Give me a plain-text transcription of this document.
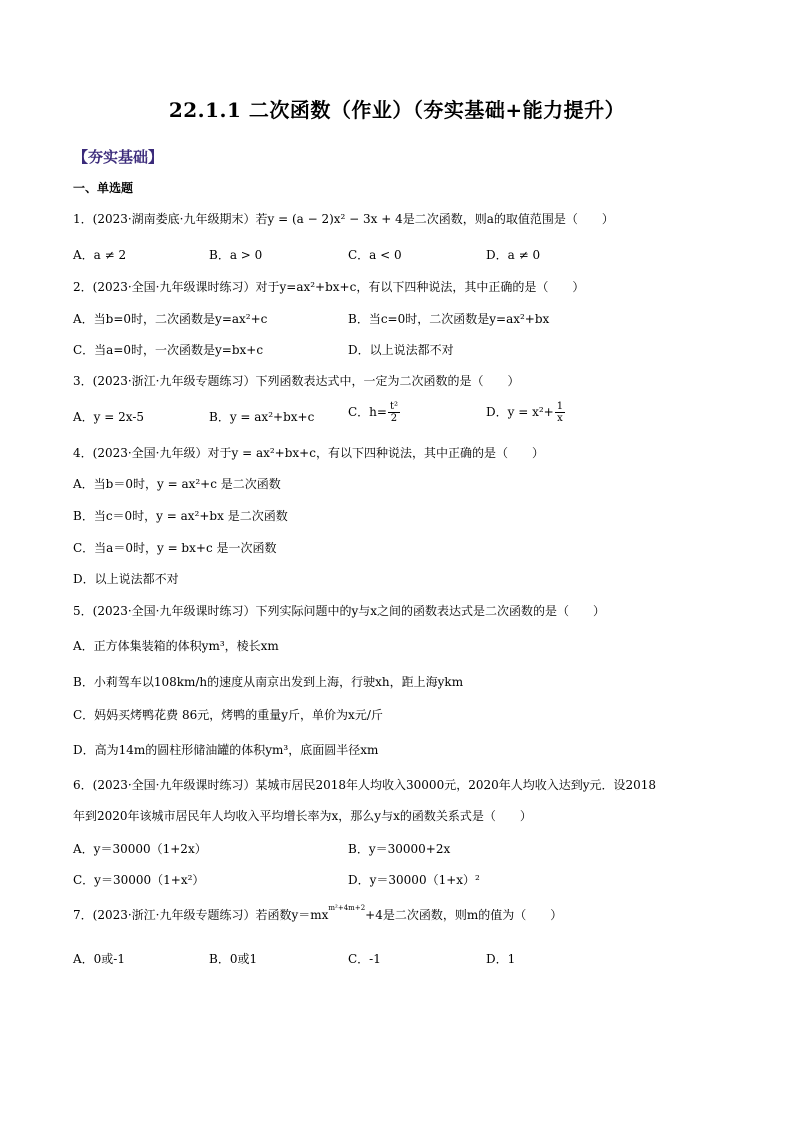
22.1.1 二次函数（作业）（夯实基础+能力提升）
【夯实基础】
一、单选题
1．(2023·湖南娄底·九年级期末）若y = (a − 2)x² − 3x + 4是二次函数，则a的取值范围是（　　）
A．a ≠ 2	B．a > 0	C．a < 0	D．a ≠ 0
2．(2023·全国·九年级课时练习）对于y=ax²+bx+c，有以下四种说法，其中正确的是（　　）
A．当b=0时，二次函数是y=ax²+c	B．当c=0时，二次函数是y=ax²+bx
C．当a=0时，一次函数是y=bx+c	D．以上说法都不对
3．(2023·浙江·九年级专题练习）下列函数表达式中，一定为二次函数的是（　　）
A．y = 2x-5	B．y = ax²+bx+c	C．$h= \frac{\text{t²}}{2}$	D．$y = x^2+ \frac{1}{x}$
4．(2023·全国·九年级）对于y = ax²+bx+c，有以下四种说法，其中正确的是（　　）
A．当b＝0时，y = ax²+c 是二次函数
B．当c＝0时，y = ax²+bx 是二次函数
C．当a＝0时，y = bx+c 是一次函数
D．以上说法都不对
5．(2023·全国·九年级课时练习）下列实际问题中的y与x之间的函数表达式是二次函数的是（　　）
A．正方体集装箱的体积ym³，棱长xm
B．小莉驾车以108km/h的速度从南京出发到上海，行驶xh，距上海ykm
C．妈妈买烤鸭花费 86元，烤鸭的重量y斤，单价为x元/斤
D．高为14m的圆柱形储油罐的体积ym³，底面圆半径xm
6．(2023·全国·九年级课时练习）某城市居民2018年人均收入30000元，2020年人均收入达到y元．设2018
年到2020年该城市居民年人均收入平均增长率为x，那么y与x的函数关系式是（　　）
A．y＝30000（1+2x）	B．y＝30000+2x
C．y＝30000（1+x²）	D．y＝30000（1+x）²
7．(2023·浙江·九年级专题练习）若函数$y=mx^{m^2+4m+2}+4$是二次函数，则m的值为（　　）
A．0或-1	B．0或1	C．-1	D．1
